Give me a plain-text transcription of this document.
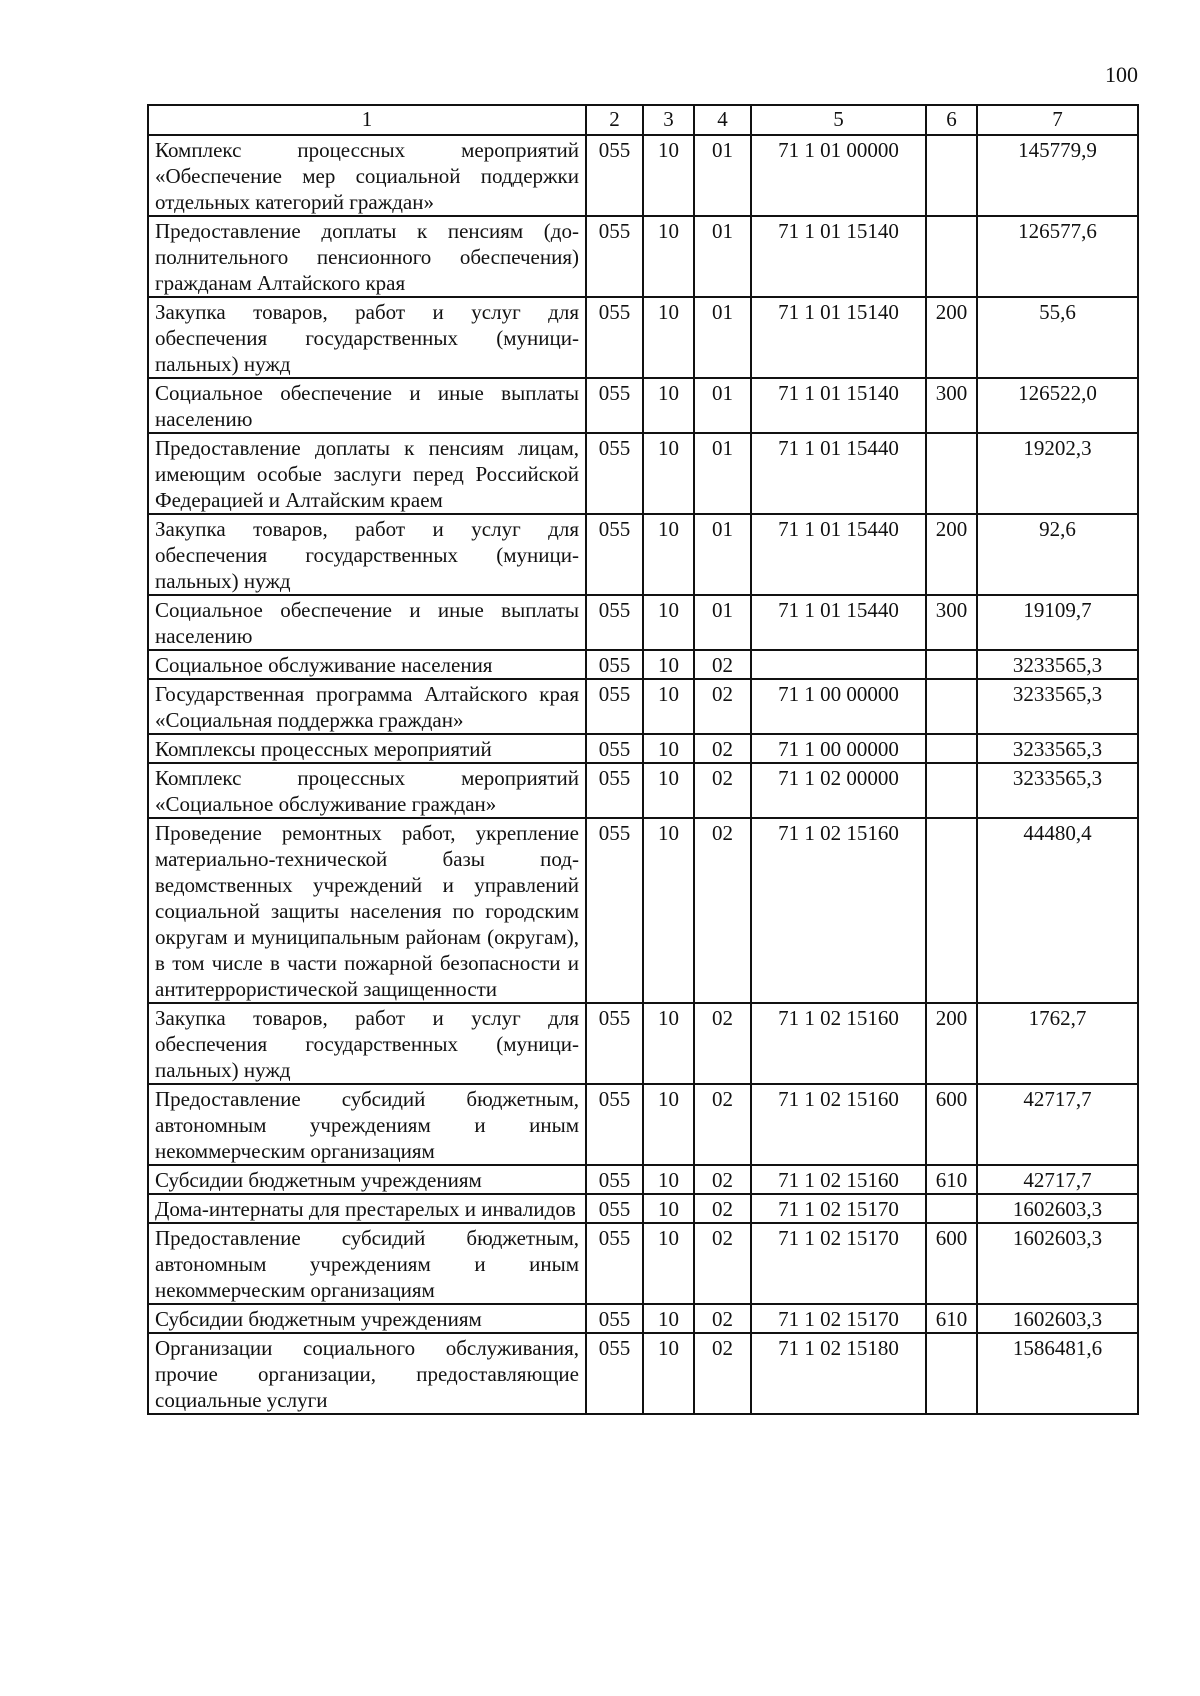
100
1	2	3	4	5	6	7
Комплекс процессных мероприятий «Обеспечение мер социальной поддержки отдельных категорий граждан»	055	10	01	71 1 01 00000		145779,9
Предоставление доплаты к пенсиям (дополнительного пенсионного обеспечения) гражданам Алтайского края	055	10	01	71 1 01 15140		126577,6
Закупка товаров, работ и услуг для обеспечения государственных (муниципальных) нужд	055	10	01	71 1 01 15140	200	55,6
Социальное обеспечение и иные выплаты населению	055	10	01	71 1 01 15140	300	126522,0
Предоставление доплаты к пенсиям лицам, имеющим особые заслуги перед Российской Федерацией и Алтайским краем	055	10	01	71 1 01 15440		19202,3
Закупка товаров, работ и услуг для обеспечения государственных (муниципальных) нужд	055	10	01	71 1 01 15440	200	92,6
Социальное обеспечение и иные выплаты населению	055	10	01	71 1 01 15440	300	19109,7
Социальное обслуживание населения	055	10	02			3233565,3
Государственная программа Алтайского края «Социальная поддержка граждан»	055	10	02	71 1 00 00000		3233565,3
Комплексы процессных мероприятий	055	10	02	71 1 00 00000		3233565,3
Комплекс процессных мероприятий «Социальное обслуживание граждан»	055	10	02	71 1 02 00000		3233565,3
Проведение ремонтных работ, укрепление материально-технической базы подведомственных учреждений и управлений социальной защиты населения по городским округам и муниципальным районам (округам), в том числе в части пожарной безопасности и антитеррористической защищенности	055	10	02	71 1 02 15160		44480,4
Закупка товаров, работ и услуг для обеспечения государственных (муниципальных) нужд	055	10	02	71 1 02 15160	200	1762,7
Предоставление субсидий бюджетным, автономным учреждениям и иным некоммерческим организациям	055	10	02	71 1 02 15160	600	42717,7
Субсидии бюджетным учреждениям	055	10	02	71 1 02 15160	610	42717,7
Дома-интернаты для престарелых и инвалидов	055	10	02	71 1 02 15170		1602603,3
Предоставление субсидий бюджетным, автономным учреждениям и иным некоммерческим организациям	055	10	02	71 1 02 15170	600	1602603,3
Субсидии бюджетным учреждениям	055	10	02	71 1 02 15170	610	1602603,3
Организации социального обслуживания, прочие организации, предоставляющие социальные услуги	055	10	02	71 1 02 15180		1586481,6
